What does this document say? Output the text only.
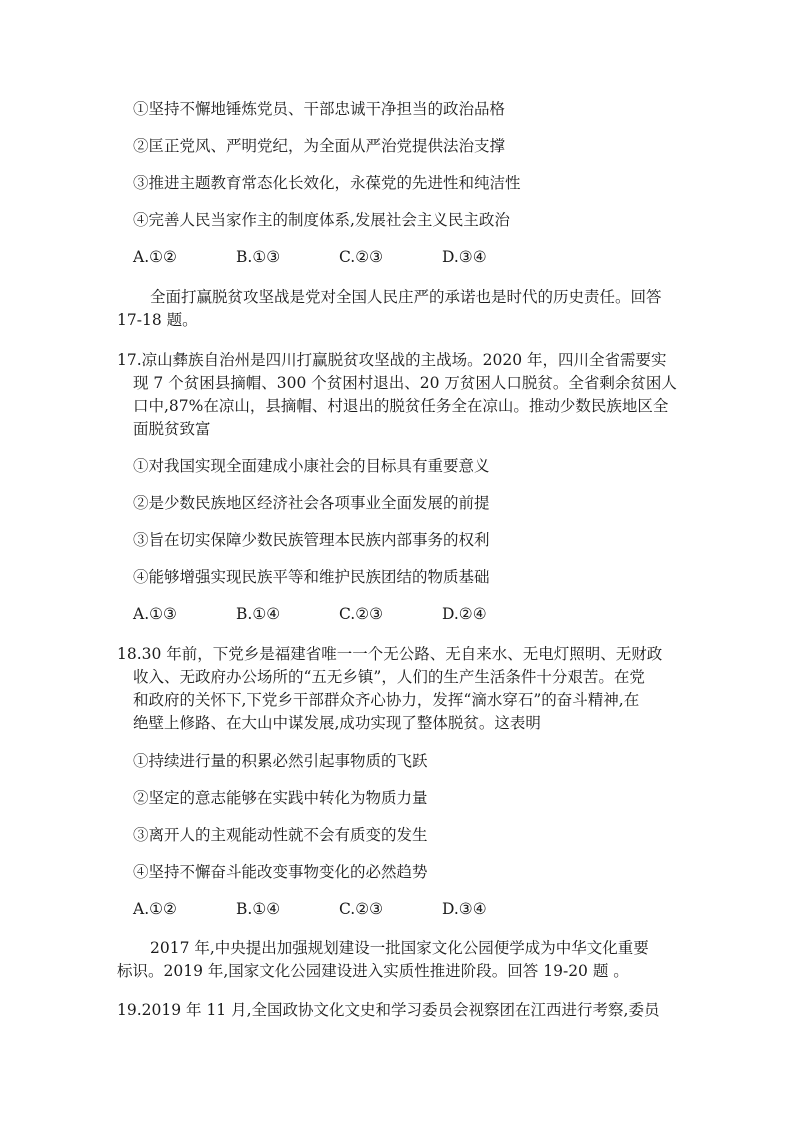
①坚持不懈地锤炼党员、干部忠诚干净担当的政治品格
②匡正党风、严明党纪，为全面从严治党提供法治支撑
③推进主题教育常态化长效化，永葆党的先进性和纯洁性
④完善人民当家作主的制度体系,发展社会主义民主政治
A.①②	B.①③	C.②③	D.③④
全面打赢脱贫攻坚战是党对全国人民庄严的承诺也是时代的历史责任。回答
17-18 题。
17.凉山彝族自治州是四川打赢脱贫攻坚战的主战场。2020 年，四川全省需要实
现 7 个贫困县摘帽、300 个贫困村退出、20 万贫困人口脱贫。全省剩余贫困人
口中,87%在凉山，县摘帽、村退出的脱贫任务全在凉山。推动少数民族地区全
面脱贫致富
①对我国实现全面建成小康社会的目标具有重要意义
②是少数民族地区经济社会各项事业全面发展的前提
③旨在切实保障少数民族管理本民族内部事务的权利
④能够增强实现民族平等和维护民族团结的物质基础
A.①③	B.①④	C.②③	D.②④
18.30 年前，下党乡是福建省唯一一个无公路、无自来水、无电灯照明、无财政
收入、无政府办公场所的“五无乡镇”，人们的生产生活条件十分艰苦。在党
和政府的关怀下,下党乡干部群众齐心协力，发挥“滴水穿石”的奋斗精神,在
绝壁上修路、在大山中谋发展,成功实现了整体脱贫。这表明
①持续进行量的积累必然引起事物质的飞跃
②坚定的意志能够在实践中转化为物质力量
③离开人的主观能动性就不会有质变的发生
④坚持不懈奋斗能改变事物变化的必然趋势
A.①②	B.①④	C.②③	D.③④
2017 年,中央提出加强规划建设一批国家文化公园便学成为中华文化重要
标识。2019 年,国家文化公园建设进入实质性推进阶段。回答 19-20 题 。
19.2019 年 11 月,全国政协文化文史和学习委员会视察团在江西进行考察,委员
